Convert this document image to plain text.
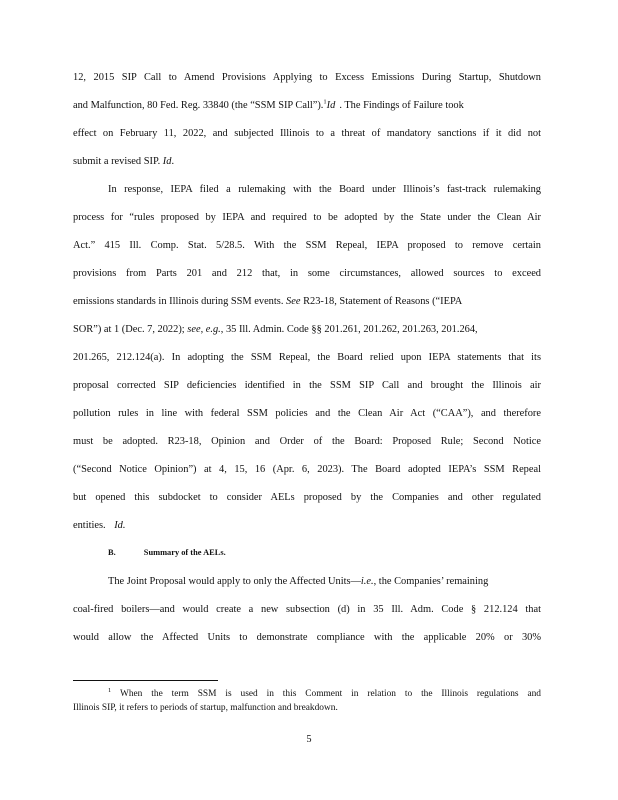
12, 2015 SIP Call to Amend Provisions Applying to Excess Emissions During Startup, Shutdown
and Malfunction, 80 Fed. Reg. 33840 (the “SSM SIP Call”).$^1$Id . The Findings of Failure took
effect on February 11, 2022, and subjected Illinois to a threat of mandatory sanctions if it did not
submit a revised SIP. Id.
In response, IEPA filed a rulemaking with the Board under Illinois’s fast-track rulemaking
process for “rules proposed by IEPA and required to be adopted by the State under the Clean Air
Act.” 415 Ill. Comp. Stat. 5/28.5. With the SSM Repeal, IEPA proposed to remove certain
provisions from Parts 201 and 212 that, in some circumstances, allowed sources to exceed
emissions standards in Illinois during SSM events. See R23-18, Statement of Reasons (“IEPA
SOR”) at 1 (Dec. 7, 2022); see, e.g., 35 Ill. Admin. Code §§ 201.261, 201.262, 201.263, 201.264,
201.265, 212.124(a). In adopting the SSM Repeal, the Board relied upon IEPA statements that its
proposal corrected SIP deficiencies identified in the SSM SIP Call and brought the Illinois air
pollution rules in line with federal SSM policies and the Clean Air Act (“CAA”), and therefore
must be adopted. R23-18, Opinion and Order of the Board: Proposed Rule; Second Notice
(“Second Notice Opinion”) at 4, 15, 16 (Apr. 6, 2023). The Board adopted IEPA’s SSM Repeal
but opened this subdocket to consider AELs proposed by the Companies and other regulated
entities. Id.
B.	Summary of the AELs.
The Joint Proposal would apply to only the Affected Units—i.e., the Companies’ remaining
coal-fired boilers—and would create a new subsection (d) in 35 Ill. Adm. Code § 212.124 that
would allow the Affected Units to demonstrate compliance with the applicable 20% or 30%
$^1$ When the term SSM is used in this Comment in relation to the Illinois regulations and
Illinois SIP, it refers to periods of startup, malfunction and breakdown.
5
